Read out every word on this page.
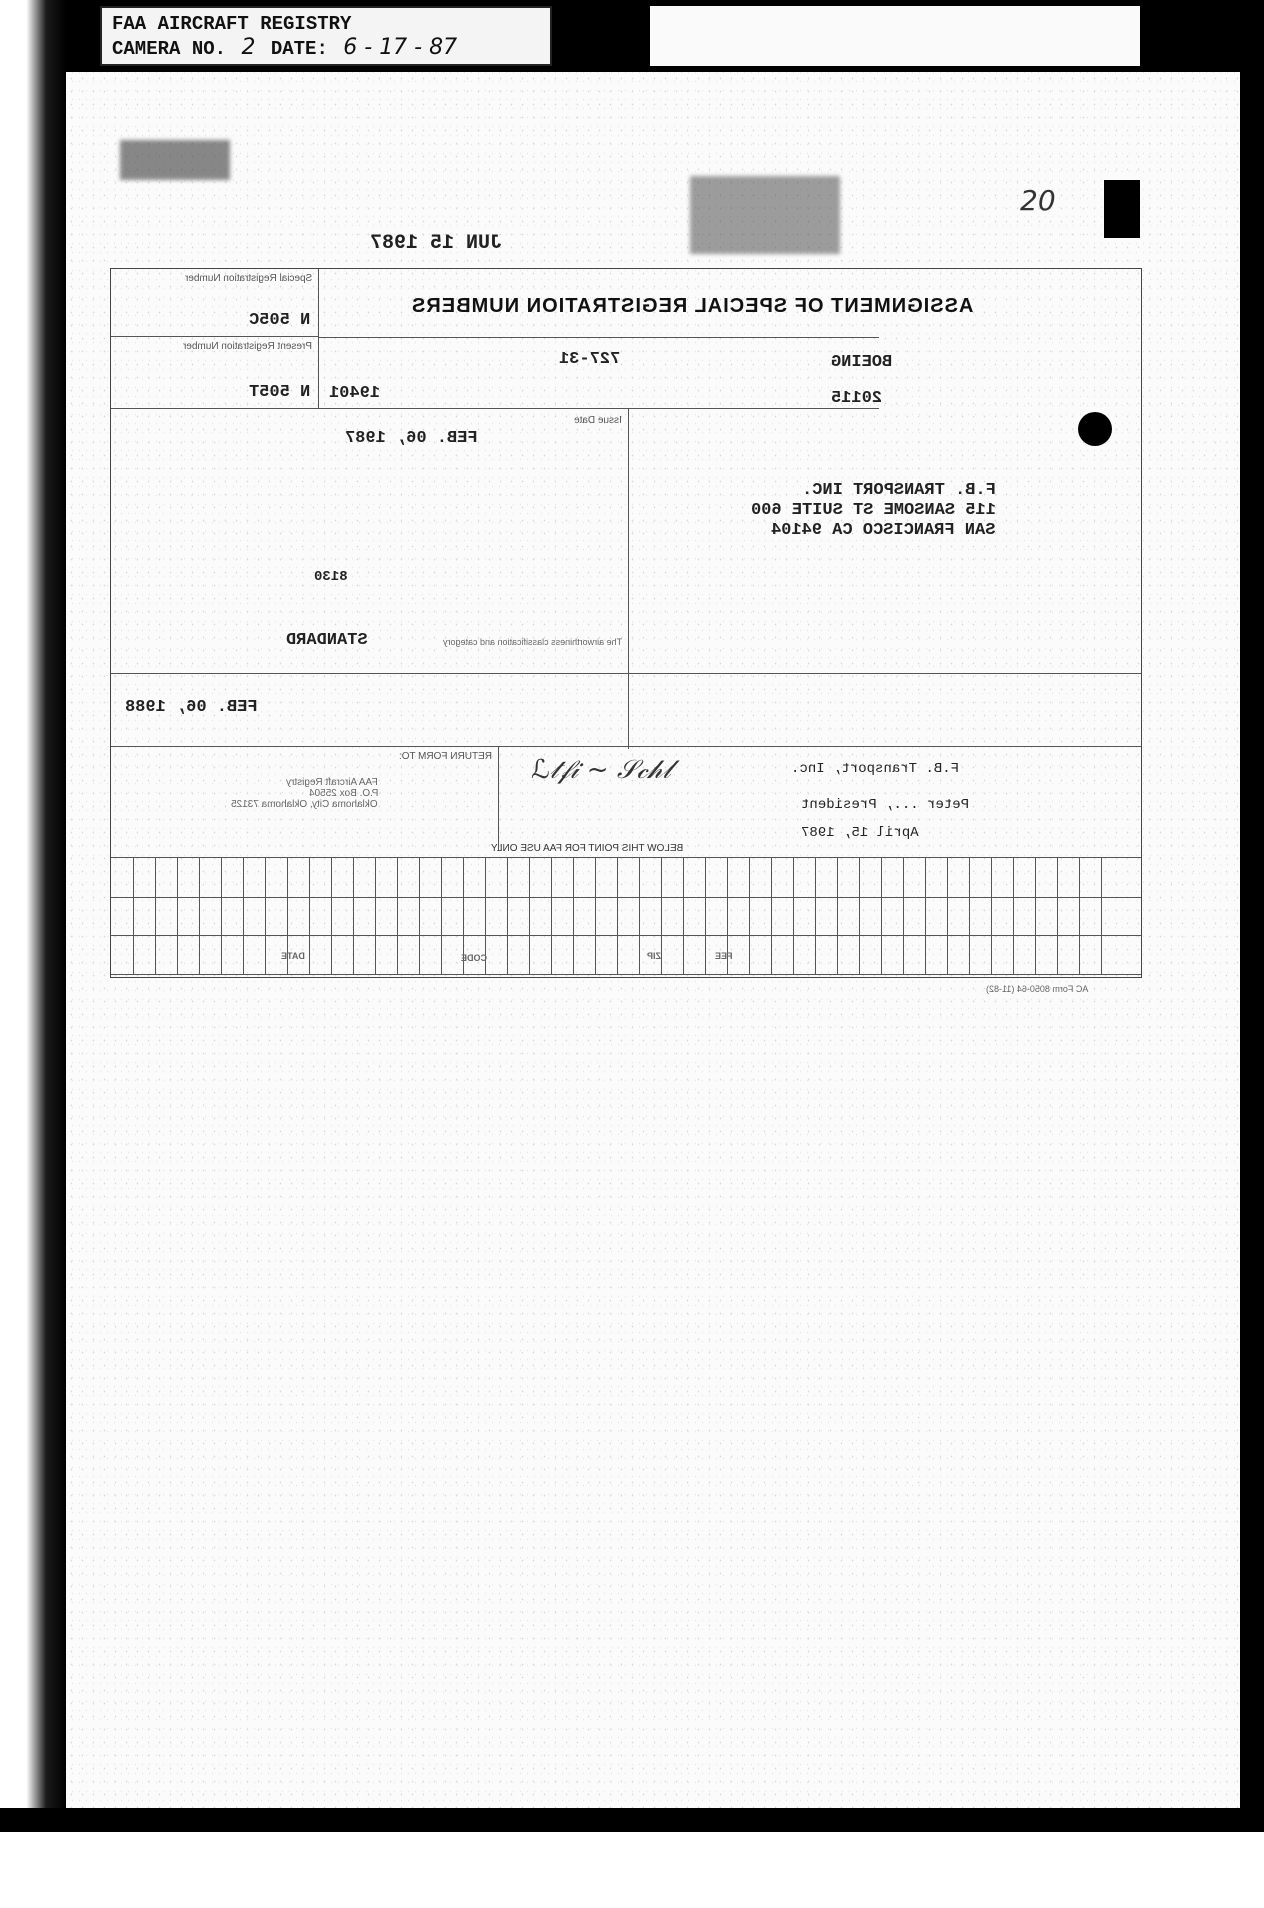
FAA AIRCRAFT REGISTRY
CAMERA NO. 2 DATE: 6 - 17 - 87
20
JUN 15 1987
Special Registration Number
N 505C
Present Registration Number
N 505T
ASSIGNMENT OF SPECIAL REGISTRATION NUMBERS
727-31
19401
BOEING
20115
Issue Date
FEB. 06, 1987
8130
The airworthiness classification and category
STANDARD
F.B. TRANSPORT INC.
115 SANSOME ST SUITE 600
SAN FRANCISCO CA 94104
FEB. 06, 1988
RETURN FORM TO:
FAA Aircraft Registry
P.O. Box 25504
Oklahoma City, Oklahoma 73125
F.B. Transport, Inc.
ℒ𝓉𝒻𝒾 ~ 𝒮𝒸𝒽𝓁
Peter ..., President
April 15, 1987
BELOW THIS POINT FOR FAA USE ONLY
DATE	CODE	ZIP	FEE
AC Form 8050-64 (11-82)
